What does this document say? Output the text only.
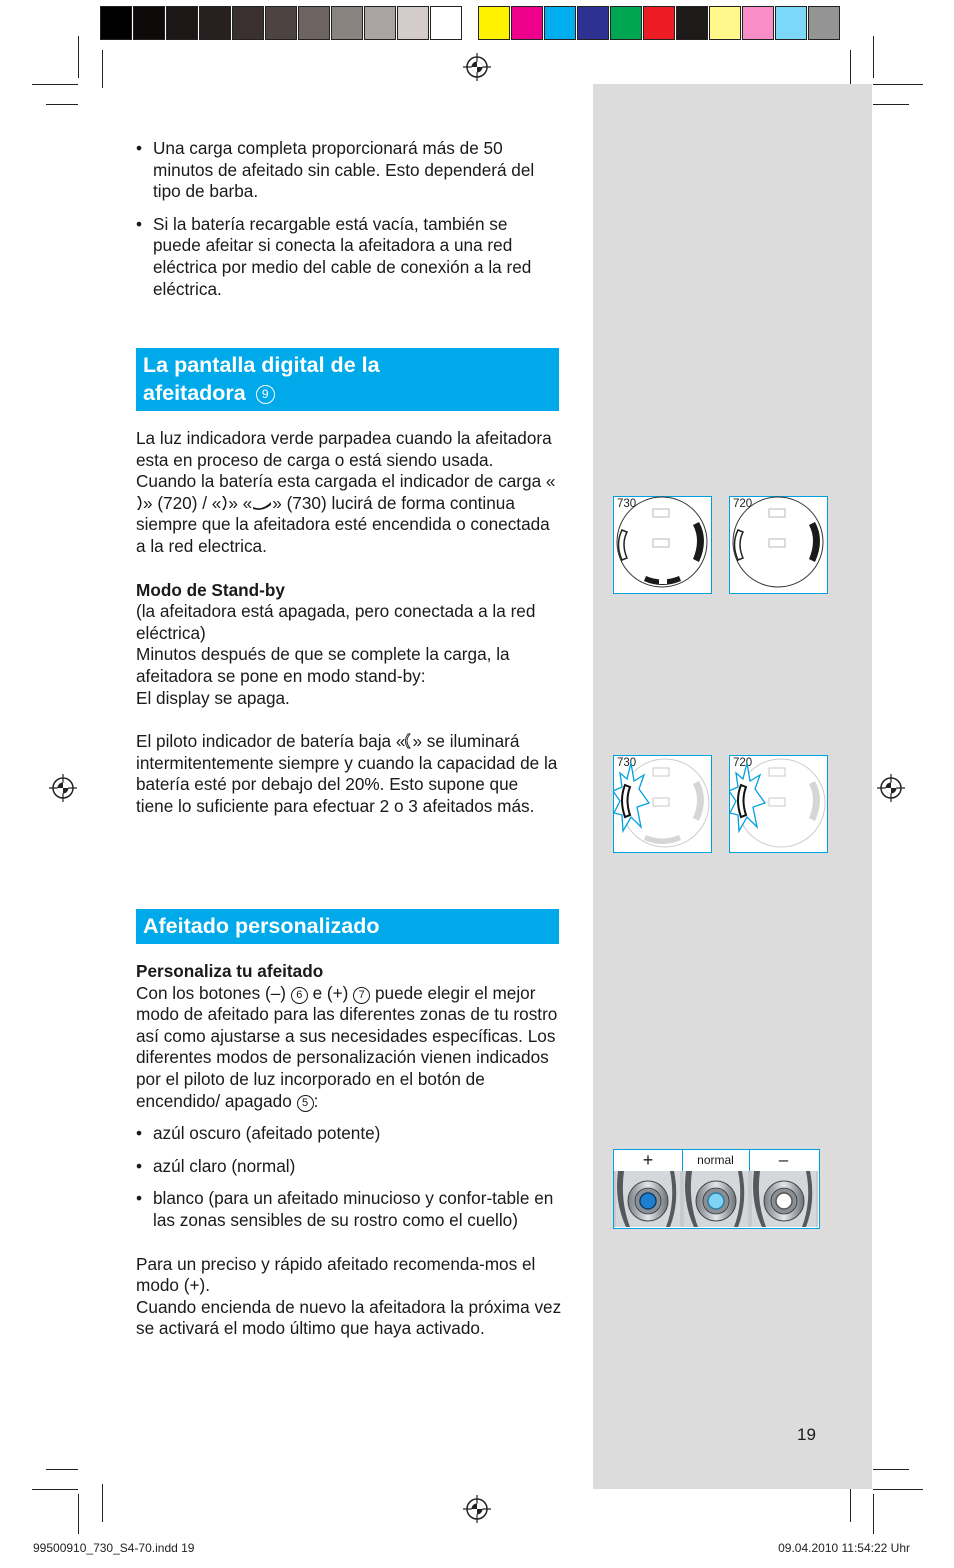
• Una carga completa proporcionará más de 50 minutos de afeitado sin cable. Esto dependerá del tipo de barba.

• Si la batería recargable está vacía, también se puede afeitar si conecta la afeitadora a una red eléctrica por medio del cable de conexión a la red eléctrica.

La pantalla digital de la
afeitadora 9

La luz indicadora verde parpadea cuando la afeitadora esta en proceso de carga o está siendo usada.

Cuando la batería esta cargada el indicador de carga «» (720) / « » « » (730) lucirá de forma continua siempre que la afeitadora esté encendida o conectada a la red electrica.

Modo de Stand-by

(la afeitadora está apagada, pero conectada a la red eléctrica)

Minutos después de que se complete la carga, la afeitadora se pone en modo stand-by:

El display se apaga.

El piloto indicador de batería baja « » se iluminará intermitentemente siempre y cuando la capacidad de la batería esté por debajo del 20%. Esto supone que tiene lo suficiente para efectuar 2 o 3 afeitados más.

Afeitado personalizado

Personaliza tu afeitado

Con los botones (–) 6 e (+) 7 puede elegir el mejor modo de afeitado para las diferentes zonas de tu rostro así como ajustarse a sus necesidades específicas. Los diferentes modos de personalización vienen indicados por el piloto de luz incorporado en el botón de encendido/ apagado 5 :

• azúl oscuro (afeitado potente)

• azúl claro (normal)

• blanco (para un afeitado minucioso y confor-table en las zonas sensibles de su rostro como el cuello)

Para un preciso y rápido afeitado recomenda-mos el modo (+).

Cuando encienda de nuevo la afeitadora la próxima vez se activará el modo último que haya activado.

730	720
730	720
+	normal	–
19
99500910_730_S4-70.indd 19	09.04.2010 11:54:22 Uhr
